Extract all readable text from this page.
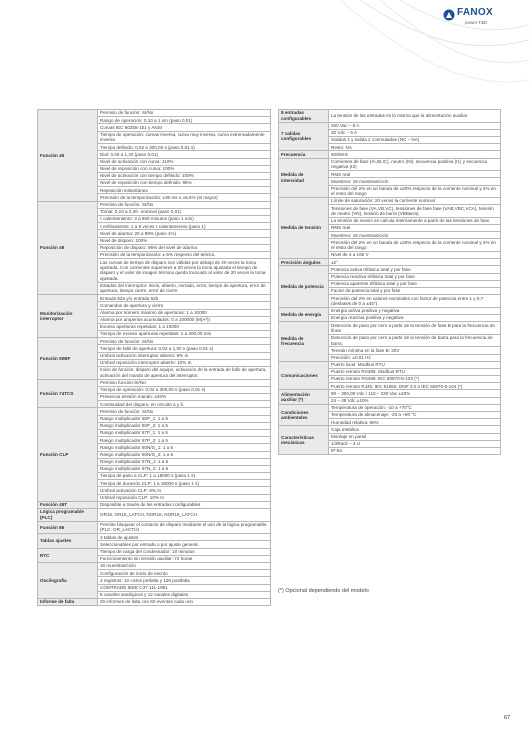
FANOX
power T&D
Función 46	Permiso de función: SI/No
	Rango de operación: 0,10 a 1 xIn (paso 0,01)
	Curvas IEC 60255-151 y ANSI
	Tiempo de operación: curvas inversa, curva muy inversa, curva extremadamente inversa
	Tiempo definido: 0,02 a 300,00 s (paso 0,01 s)
	Dial: 0,05 a 1,20 (paso 0,01)
	Nivel de activación con curva: 110%
	Nivel de reposición con curva: 100%
	Nivel de activación con tiempo definido: 100%
	Nivel de reposición con tiempo definido: 95%
	Reposición instantánea
	Precisión de la temporización: ±30 ms o ±5,5% (el mayor)
Función 49	Permiso de función: SI/No
	Tomai: 0,10 a 2,40 ·nominal (paso 0,01)
	τ calentamiento: 3 a 600 minutos (paso 1 min)
	τ enfriamiento: 1 a 6 veces τ calentamiento (paso 1)
	Nivel de alarma: 20 a 99% (paso 1%)
	Nivel de disparo: 100%
	Reposición de disparo: 95% del nivel de alarma
	Precisión de la temporización: ± 5% respecto del teórico.
	Las curvas de tiempo de disparo son válidas por debajo de 20 veces la toma ajustada. Con corrientes superiores a 20 veces la toma ajustada el tiempo de disparo y el valor de imagen térmica queda truncado al valor de 20 veces la toma ajustada.
	Estados del interruptor: inicio, abierto, cerrado, error, tiempo de apertura, error de apertura, tiempo cierre, error de cierre
Monitorización interruptor	Entrada 52a y/o entrada 52b
	Comandos de apertura y cierre
	Alarma por número máximo de aperturas: 1 a 10000
	Alarma por amperios acumulados: 0 a 100000 (M(A²))
	Exceso aperturas repetidas: 1 a 10000
	Tiempo de exceso aperturas repetidas: 1 a 300,00 min
Función 50BF	Permiso de función: SI/No
	Tiempo de fallo de apertura: 0,02 a 1,00 s (paso 0,01 s)
	Umbral activación interruptor abierto: 8% In
	Umbral reposición interruptor abierto: 10% In
	Inicio de función: disparo del equipo, activación de la entrada de fallo de apertura, activación del mando de apertura del interruptor.
Función 74TCS	Permiso función:SI/No
	Tiempo de operación: 0,02 a 300,00 s (paso 0,01 s)
	Presencia tensión mando: ≤40%
	Continuidad del disparo, en circuito a y b.
Función CLP	Permiso de función: SI/No
	Rango multiplicador 50P_1: 1 a 5
	Rango multiplicador 50P_2: 1 a 5
	Rango multiplicador 67P_1: 1 a 5
	Rango multiplicador 67P_2: 1 a 5
	Rango multiplicador 50N/G_1: 1 a 5
	Rango multiplicador 50N/G_2: 1 a 5
	Rango multiplicador 67N_1: 1 a 5
	Rango multiplicador 67N_2: 1 a 5
	Tiempo de paso a CLP: 1 a 18000 s (paso 1 s)
	Tiempo de duración CLP: 1 a 18000 s (paso 1 s)
	Umbral activación CLP: 8% In
	Umbral reposición CLP: 10% In
Función 49T	Disponible a través de las entradas configurables
Lógica programable (PLC)	OR16, OR16_LATCH, NOR16, NOR16_LATCH.
Función 86	Permite bloquear el contacto de disparo mediante el uso de la lógica programable (PLC: OR_LACTH)
Tablas ajustes	3 tablas de ajustes
	Seleccionables por entrada o por ajuste general.
RTC	Tiempo de carga del condensador: 10 minutos
	Funcionamiento sin tensión auxiliar: 72 horas
Oscilografía	16 muestras/ciclo
	Configuración de inicio de escrito
	2 registros: 10 ciclos prefalta y 128 postfalta
	COMTRADE IEEE C37.111-1991
	8 canales analógicos y 12 canales digitales
Informe de falta	20 informes de falta con 60 eventos cada uno
8 entradas configurables	La tensión de las entradas es la misma que la alimentación auxiliar
7 salidas configurables	250 Vac – 8 A
	30 Vdc – 5 A
	Salidas 1 y salida 2 conmutadas (NC – NA)
	Resto: NA
Frecuencia	50/60Hz
Medida de intensidad	Corrientes de fase (IA,IB,IC), neutro (IN), secuencia positiva (I1) y secuencia negativa (I2)
	RMS real
	Muestreo: 16 muestras/ciclo
	Precisión del 2% en un banda de ±20% respecto de la corriente nominal y 4% en el resto del rango
Medida de tensión	Límite de saturación: 20 veces la corriente nominal
	Tensiones de fase (VA,VB,VC), tensiones de fase fase (VAB,VBC,VCA), tensión de neutro (VN), tensión de barra (VBBarra)
	La tensión de neutro se calcula internamente a partir de las tensiones de fase.
	RMS real
	Muestreo: 16 muestras/ciclo
	Precisión del 2% en un banda de ±20% respecto de la corriente nominal y 4% en el resto del rango
	Nivel de 4 a 165 V
Precisión ángulos	±2°
Medida de potencia	Potencia activa trifásica total y por fase
	Potencia reactiva trifásica total y por fase
	Potencia aparente trifásica total y por fase
	Factor de potencia total y por fase
	Precisión del 2% en valores nominales con factor de potencia entre 1 y 0,7 (desfases de 0 a ±45°).
Medida de energía	Energía activa positiva y negativa
	Energía reactiva positiva y negativa
Medida de frecuencia	Detección de paso por cero a partir de la tensión de fase B para la frecuencia de línea
	Detección de paso por cero a partir de la tensión de barra para la frecuencia de barra.
	Tensión mínima en la fase B: 30V
	Precisión: ±0,01 Hz
Comunicaciones	Puerto local: Modbus RTU
	Puerto remoto RS485: Modbus RTU
	Puerto remoto RS485: IEC 60870-5-103 (*)
	Puerto remoto RJ45: IEC 61850, DNP 3.0 o IEC 60870-5-104 (*)
Alimentación auxiliar (*)	90 – 300,00 Vdc / 110 – 230 Vac ±20%
	24 – 48 Vdc ±10%
Condiciones ambientales	Temperatura de operación: -10 a +70°C
	Temperatura de almacenaje: -20 a +80 °C
	Humedad relativa: 95%
Características mecánicas	Caja metálica
	Montaje en panel
	1/2Rack – 4 U
	IP-54
(*) Opcional dependiendo del modelo
67
